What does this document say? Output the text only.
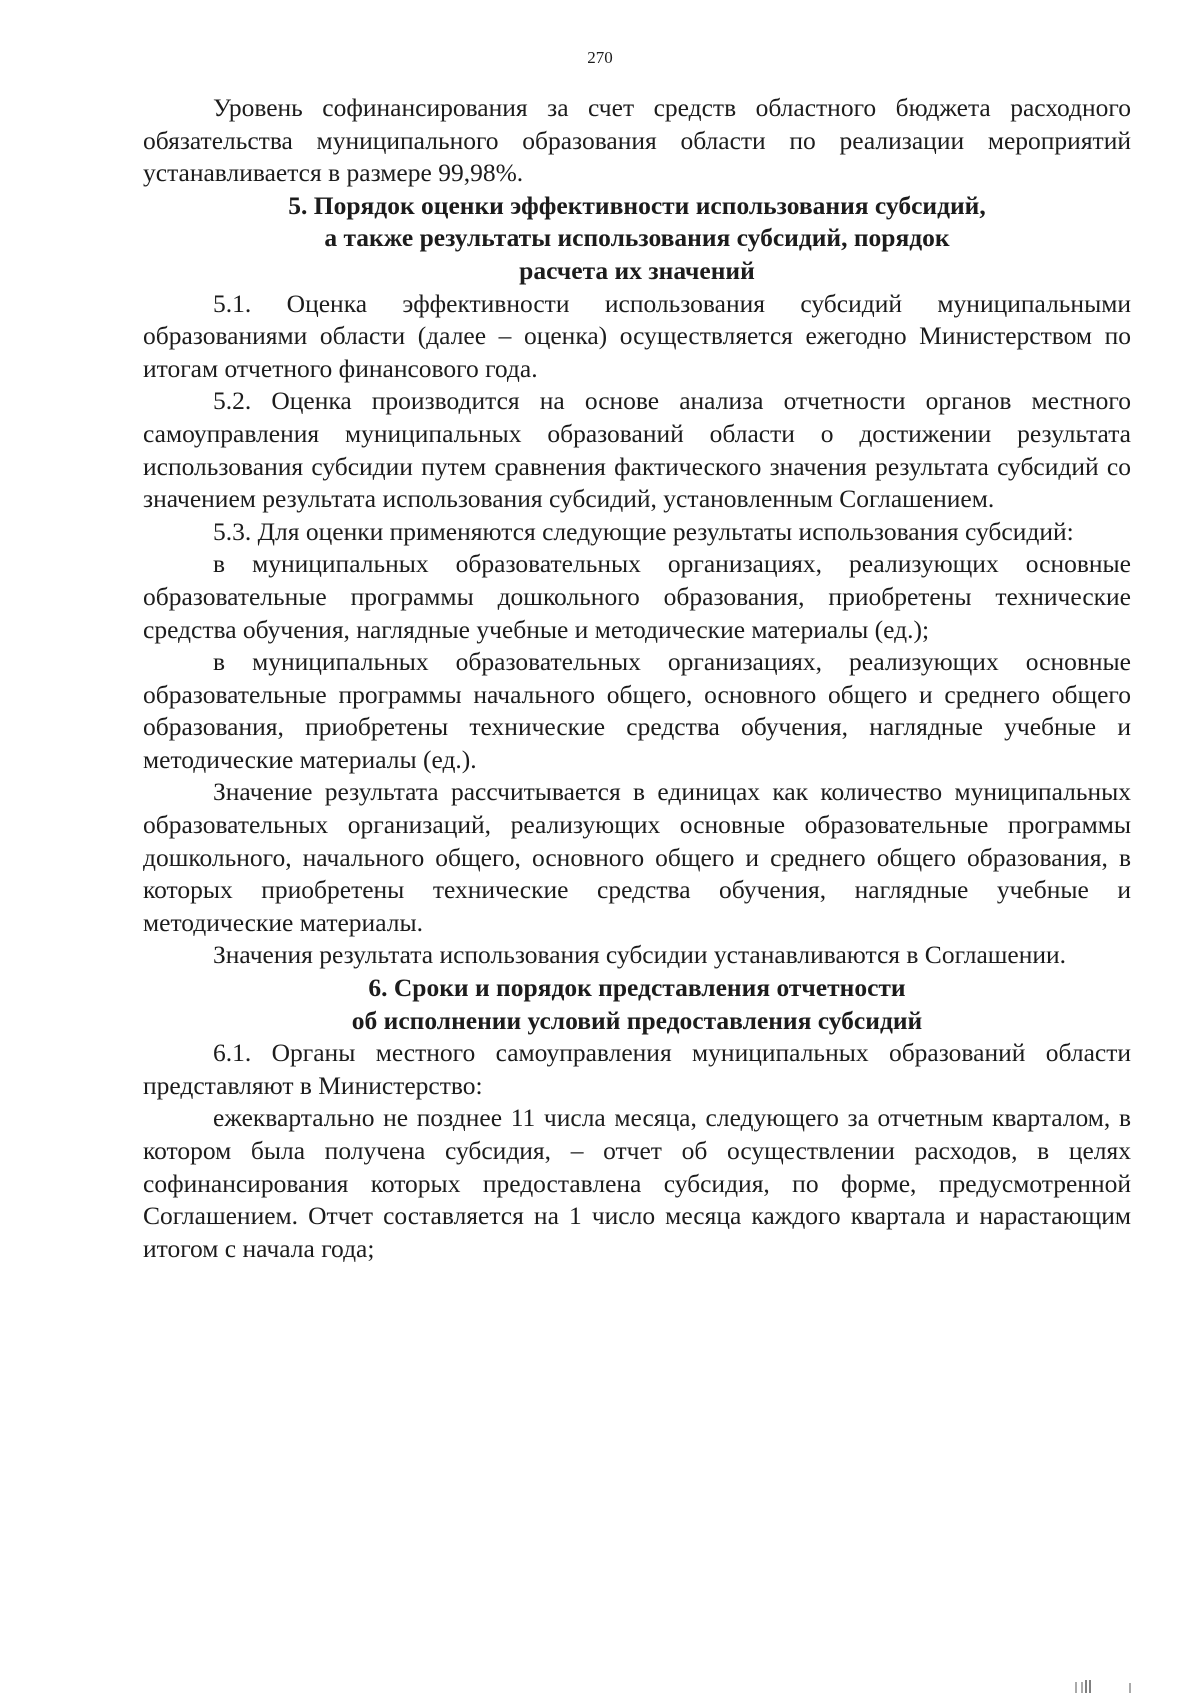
270

Уровень софинансирования за счет средств областного бюджета расходного обязательства муниципального образования области по реализации мероприятий устанавливается в размере 99,98%.

5. Порядок оценки эффективности использования субсидий,
а также результаты использования субсидий, порядок
расчета их значений

5.1. Оценка эффективности использования субсидий муниципальными образованиями области (далее – оценка) осуществляется ежегодно Министерством по итогам отчетного финансового года.

5.2. Оценка производится на основе анализа отчетности органов местного самоуправления муниципальных образований области о достижении результата использования субсидии путем сравнения фактического значения результата субсидий со значением результата использования субсидий, установленным Соглашением.

5.3. Для оценки применяются следующие результаты использования субсидий:

в муниципальных образовательных организациях, реализующих основные образовательные программы дошкольного образования, приобретены технические средства обучения, наглядные учебные и методические материалы (ед.);

в муниципальных образовательных организациях, реализующих основные образовательные программы начального общего, основного общего и среднего общего образования, приобретены технические средства обучения, наглядные учебные и методические материалы (ед.).

Значение результата рассчитывается в единицах как количество муниципальных образовательных организаций, реализующих основные образовательные программы дошкольного, начального общего, основного общего и среднего общего образования, в которых приобретены технические средства обучения, наглядные учебные и методические материалы.

Значения результата использования субсидии устанавливаются в Соглашении.

6. Сроки и порядок представления отчетности
об исполнении условий предоставления субсидий

6.1. Органы местного самоуправления муниципальных образований области представляют в Министерство:

ежеквартально не позднее 11 числа месяца, следующего за отчетным кварталом, в котором была получена субсидия, – отчет об осуществлении расходов, в целях софинансирования которых предоставлена субсидия, по форме, предусмотренной Соглашением. Отчет составляется на 1 число месяца каждого квартала и нарастающим итогом с начала года;
